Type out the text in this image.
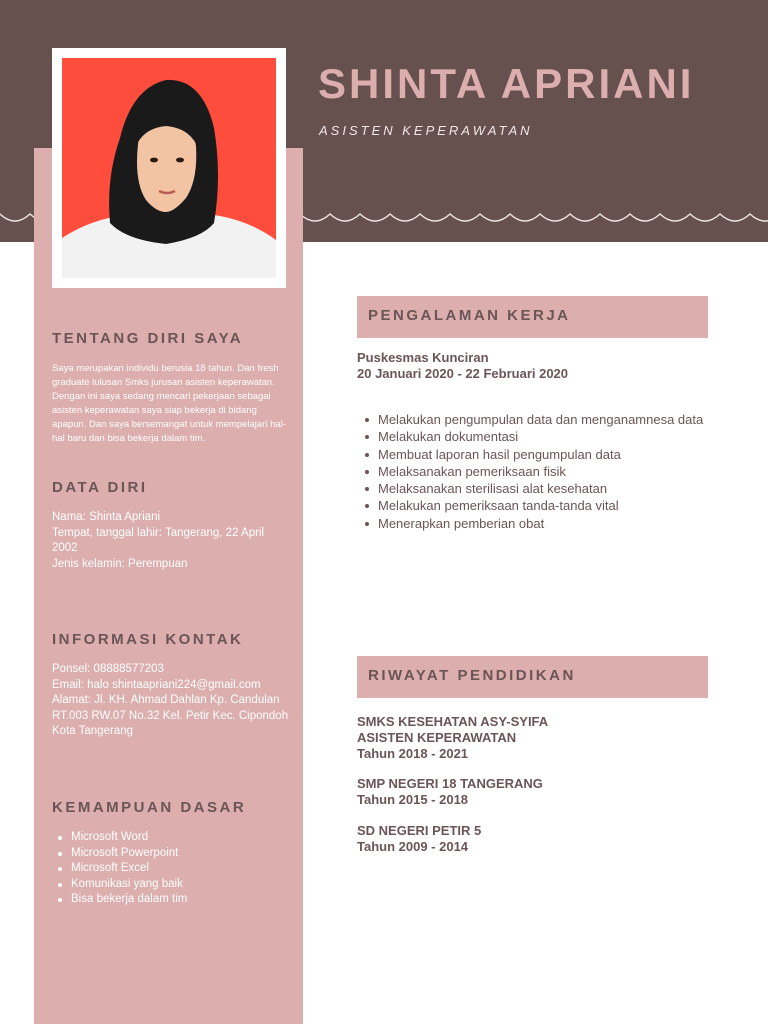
SHINTA APRIANI
ASISTEN KEPERAWATAN
TENTANG DIRI SAYA
Saya merupakan individu berusia 18 tahun. Dan fresh graduate lulusan Smks jurusan asisten keperawatan. Dengan ini saya sedang mencari pekerjaan sebagai asisten keperawatan saya siap bekerja di bidang apapun. Dan saya bersemangat untuk mempelajari hal-hal baru dan bisa bekerja dalam tim.
DATA DIRI
Nama: Shinta Apriani
Tempat, tanggal lahir: Tangerang, 22 April 2002
Jenis kelamin: Perempuan
INFORMASI KONTAK
Ponsel: 08888577203
Email: halo shintaapriani224@gmail.com
Alamat: Jl. KH. Ahmad Dahlan Kp. Candulan RT.003 RW.07 No.32 Kel. Petir Kec. Cipondoh Kota Tangerang
KEMAMPUAN DASAR
Microsoft Word
Microsoft Powerpoint
Microsoft Excel
Komunikasi yang baik
Bisa bekerja dalam tim
PENGALAMAN KERJA
Puskesmas Kunciran
20 Januari 2020 - 22 Februari 2020
Melakukan pengumpulan data dan menganamnesa data
Melakukan dokumentasi
Membuat laporan hasil pengumpulan data
Melaksanakan pemeriksaan fisik
Melaksanakan sterilisasi alat kesehatan
Melakukan pemeriksaan tanda-tanda vital
Menerapkan pemberian obat
RIWAYAT PENDIDIKAN
SMKS KESEHATAN ASY-SYIFA
ASISTEN KEPERAWATAN
Tahun 2018 - 2021
SMP NEGERI 18 TANGERANG
Tahun 2015 - 2018
SD NEGERI PETIR 5
Tahun 2009 - 2014
